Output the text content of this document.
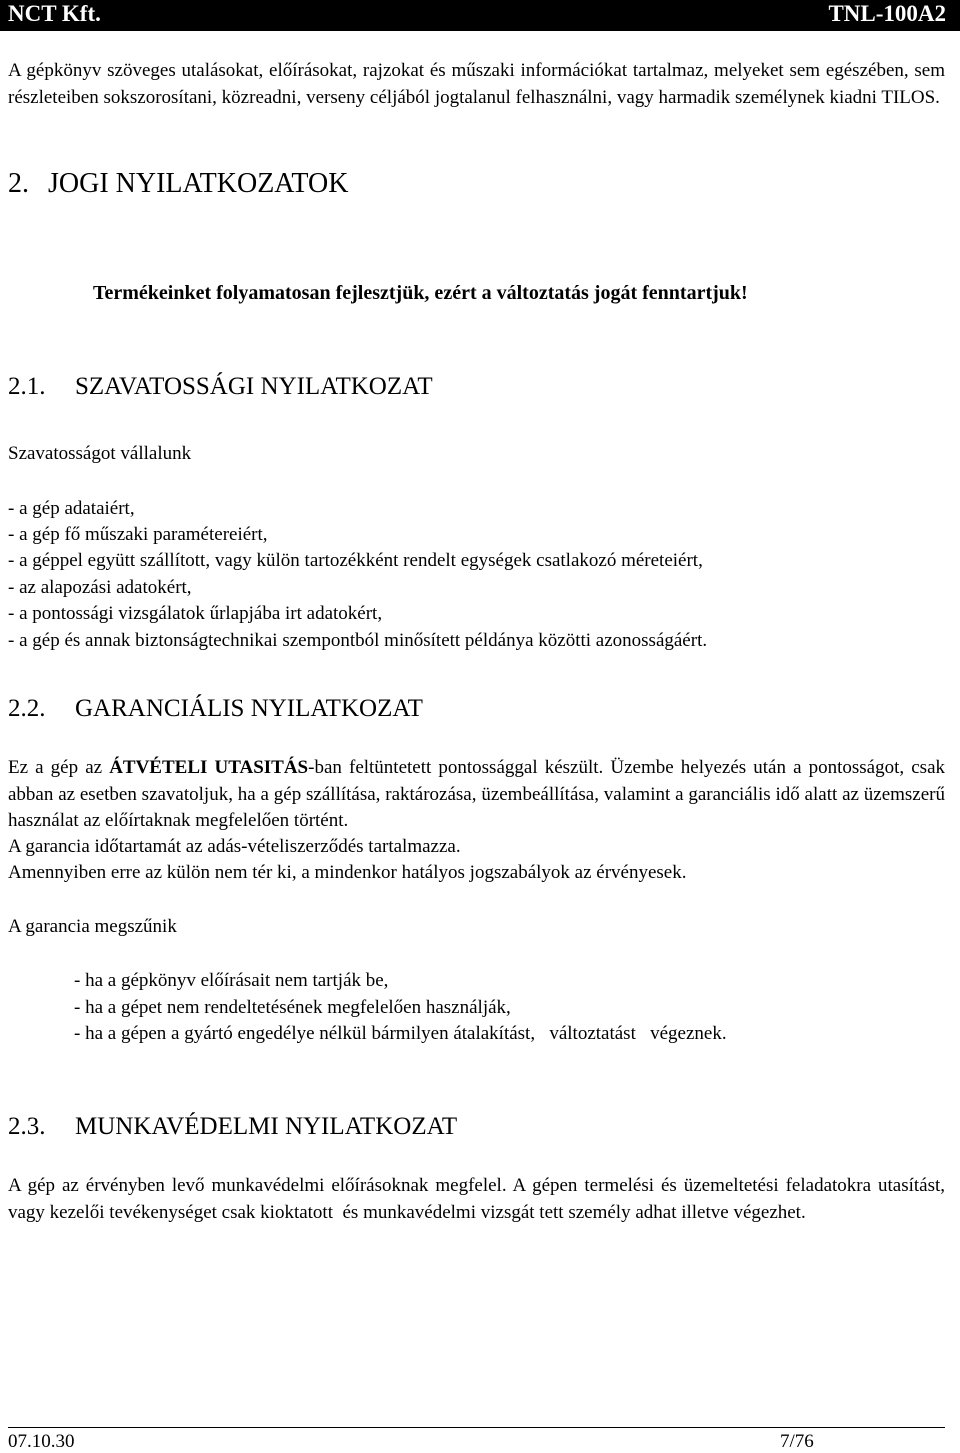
NCT Kft.	TNL-100A2
A gépkönyv szöveges utalásokat, előírásokat, rajzokat és műszaki információkat tartalmaz, melyeket sem egészében, sem részleteiben sokszorosítani, közreadni, verseny céljából jogtalanul felhasználni, vagy harmadik személynek kiadni TILOS.
2. JOGI NYILATKOZATOK
Termékeinket folyamatosan fejlesztjük, ezért a változtatás jogát fenntartjuk!
2.1. SZAVATOSSÁGI NYILATKOZAT
Szavatosságot vállalunk
- a gép adataiért,
- a gép fő műszaki paramétereiért,
- a géppel együtt szállított, vagy külön tartozékként rendelt egységek csatlakozó méreteiért,
- az alapozási adatokért,
- a pontossági vizsgálatok űrlapjába irt adatokért,
- a gép és annak biztonságtechnikai szempontból minősített példánya közötti azonosságáért.
2.2. GARANCIÁLIS NYILATKOZAT
Ez a gép az ÁTVÉTELI UTASITÁS-ban feltüntetett pontossággal készült. Üzembe helyezés után a pontosságot, csak abban az esetben szavatoljuk, ha a gép szállítása, raktározása, üzembeállítása, valamint a garanciális idő alatt az üzemszerű használat az előírtaknak megfelelően történt.
A garancia időtartamát az adás-vételiszerződés tartalmazza.
Amennyiben erre az külön nem tér ki, a mindenkor hatályos jogszabályok az érvényesek.
A garancia megszűnik
- ha a gépkönyv előírásait nem tartják be,
- ha a gépet nem rendeltetésének megfelelően használják,
- ha a gépen a gyártó engedélye nélkül bármilyen átalakítást,   változtatást   végeznek.
2.3. MUNKAVÉDELMI NYILATKOZAT
A gép az érvényben levő munkavédelmi előírásoknak megfelel. A gépen termelési és üzemeltetési feladatokra utasítást, vagy kezelői tevékenységet csak kioktatott  és munkavédelmi vizsgát tett személy adhat illetve végezhet.
07.10.30	7/76
